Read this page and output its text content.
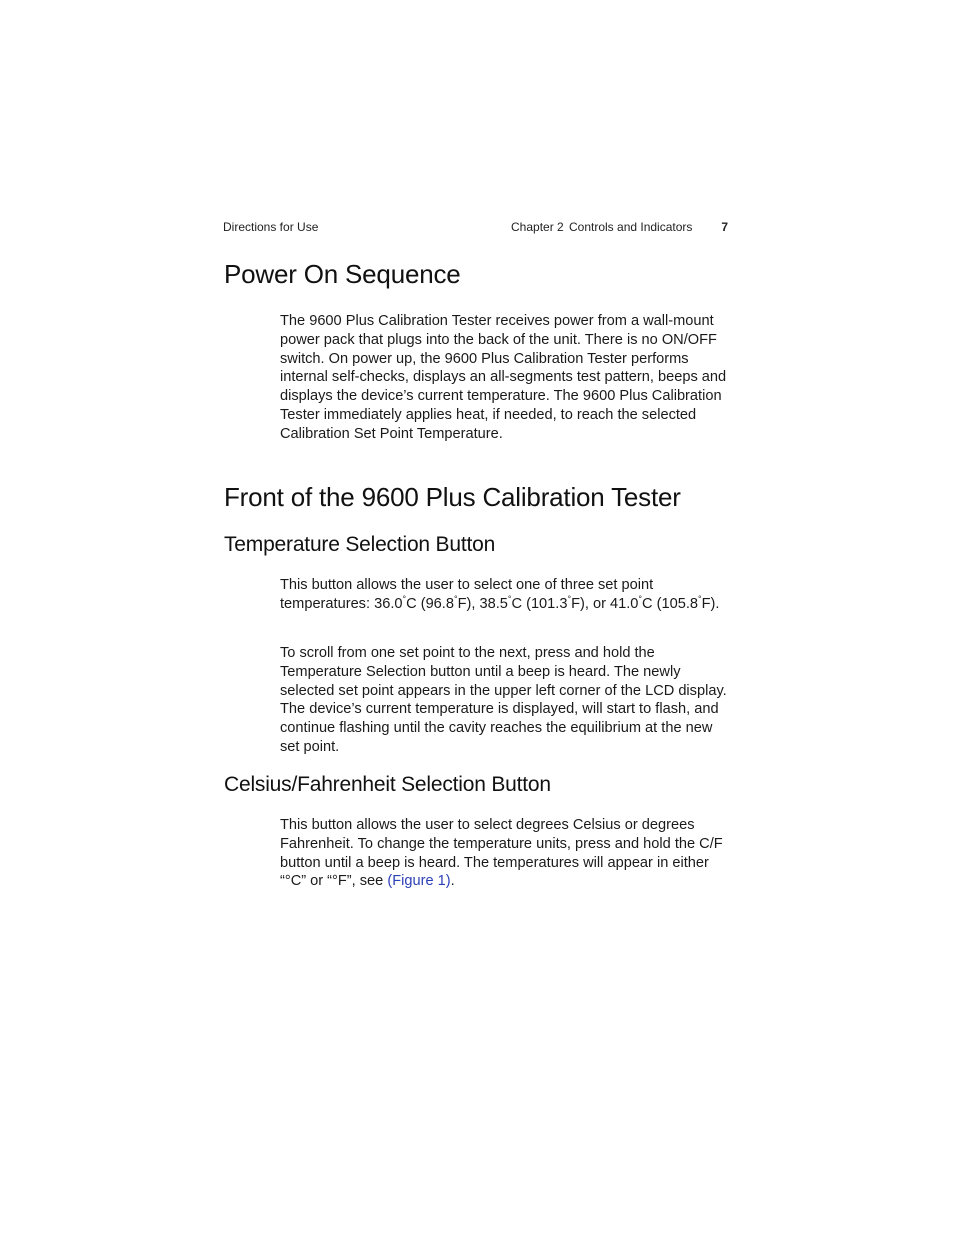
Directions for Use	Chapter 2 Controls and Indicators 7
Power On Sequence

The 9600 Plus Calibration Tester receives power from a wall-mount power pack that plugs into the back of the unit. There is no ON/OFF switch. On power up, the 9600 Plus Calibration Tester performs internal self-checks, displays an all-segments test pattern, beeps and displays the device’s current temperature. The 9600 Plus Calibration Tester immediately applies heat, if needed, to reach the selected Calibration Set Point Temperature.

Front of the 9600 Plus Calibration Tester
Temperature Selection Button

This button allows the user to select one of three set point temperatures: 36.0°C (96.8°F), 38.5°C (101.3°F), or 41.0°C (105.8°F).

To scroll from one set point to the next, press and hold the Temperature Selection button until a beep is heard. The newly selected set point appears in the upper left corner of the LCD display. The device’s current temperature is displayed, will start to flash, and continue flashing until the cavity reaches the equilibrium at the new set point.

Celsius/Fahrenheit Selection Button

This button allows the user to select degrees Celsius or degrees Fahrenheit. To change the temperature units, press and hold the C/F button until a beep is heard. The temperatures will appear in either “°C” or “°F”, see (Figure 1).
